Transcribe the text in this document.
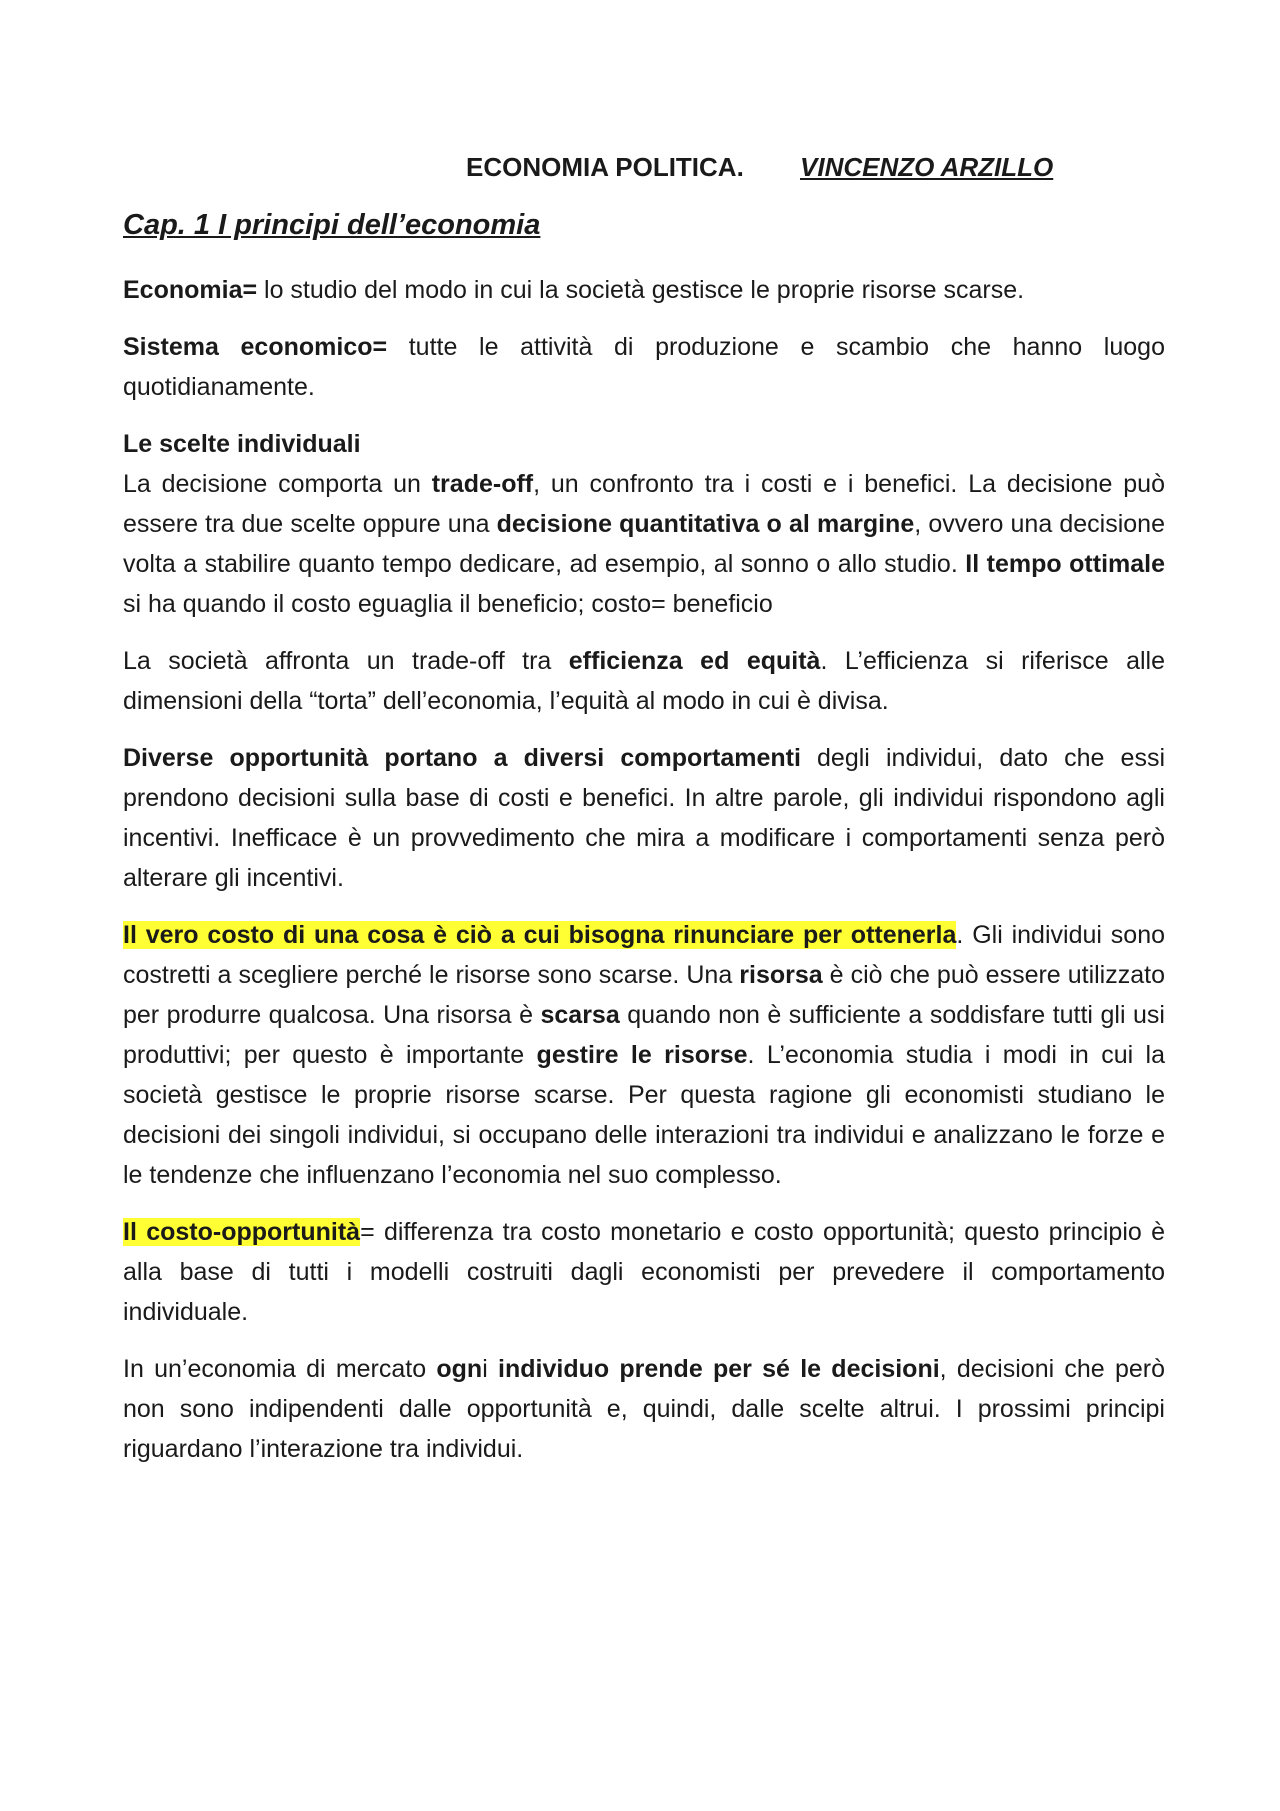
ECONOMIA POLITICA. VINCENZO ARZILLO
Cap. 1 I principi dell’economia

Economia= lo studio del modo in cui la società gestisce le proprie risorse scarse.

Sistema economico= tutte le attività di produzione e scambio che hanno luogo quotidianamente.

Le scelte individuali
La decisione comporta un trade-off, un confronto tra i costi e i benefici. La decisione può essere tra due scelte oppure una decisione quantitativa o al margine, ovvero una decisione volta a stabilire quanto tempo dedicare, ad esempio, al sonno o allo studio. Il tempo ottimale si ha quando il costo eguaglia il beneficio; costo= beneficio

La società affronta un trade-off tra efficienza ed equità. L’efficienza si riferisce alle dimensioni della “torta” dell’economia, l’equità al modo in cui è divisa.

Diverse opportunità portano a diversi comportamenti degli individui, dato che essi prendono decisioni sulla base di costi e benefici. In altre parole, gli individui rispondono agli incentivi. Inefficace è un provvedimento che mira a modificare i comportamenti senza però alterare gli incentivi.

Il vero costo di una cosa è ciò a cui bisogna rinunciare per ottenerla. Gli individui sono costretti a scegliere perché le risorse sono scarse. Una risorsa è ciò che può essere utilizzato per produrre qualcosa. Una risorsa è scarsa quando non è sufficiente a soddisfare tutti gli usi produttivi; per questo è importante gestire le risorse. L’economia studia i modi in cui la società gestisce le proprie risorse scarse. Per questa ragione gli economisti studiano le decisioni dei singoli individui, si occupano delle interazioni tra individui e analizzano le forze e le tendenze che influenzano l’economia nel suo complesso.

Il costo-opportunità= differenza tra costo monetario e costo opportunità; questo principio è alla base di tutti i modelli costruiti dagli economisti per prevedere il comportamento individuale.

In un’economia di mercato ogni individuo prende per sé le decisioni, decisioni che però non sono indipendenti dalle opportunità e, quindi, dalle scelte altrui. I prossimi principi riguardano l’interazione tra individui.
